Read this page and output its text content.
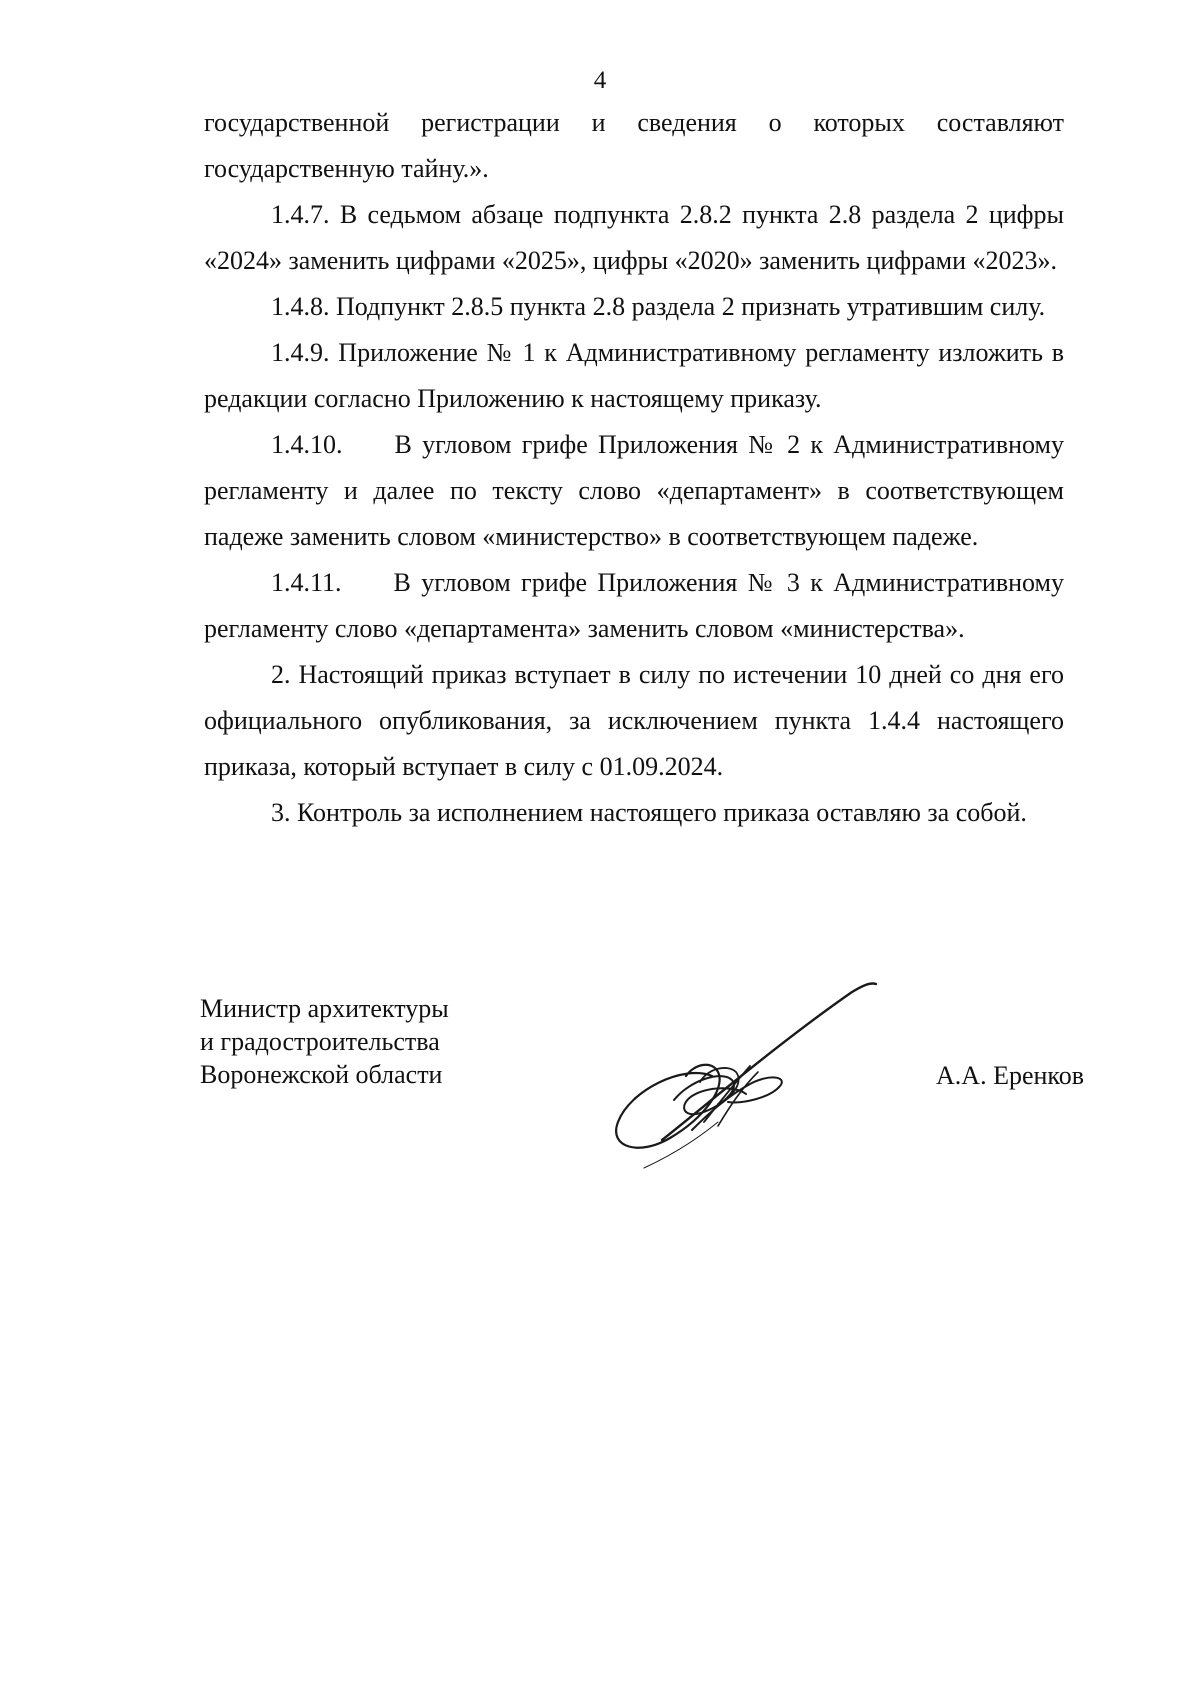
4

государственной регистрации и сведения о которых составляют государственную тайну.».

1.4.7. В седьмом абзаце подпункта 2.8.2 пункта 2.8 раздела 2 цифры «2024» заменить цифрами «2025», цифры «2020» заменить цифрами «2023».

1.4.8. Подпункт 2.8.5 пункта 2.8 раздела 2 признать утратившим силу.

1.4.9. Приложение № 1 к Административному регламенту изложить в редакции согласно Приложению к настоящему приказу.

1.4.10. В угловом грифе Приложения № 2 к Административному регламенту и далее по тексту слово «департамент» в соответствующем падеже заменить словом «министерство» в соответствующем падеже.

1.4.11. В угловом грифе Приложения № 3 к Административному регламенту слово «департамента» заменить словом «министерства».

2. Настоящий приказ вступает в силу по истечении 10 дней со дня его официального опубликования, за исключением пункта 1.4.4 настоящего приказа, который вступает в силу с 01.09.2024.

3. Контроль за исполнением настоящего приказа оставляю за собой.

Министр архитектуры
и градостроительства
Воронежской области	А.А. Еренков
